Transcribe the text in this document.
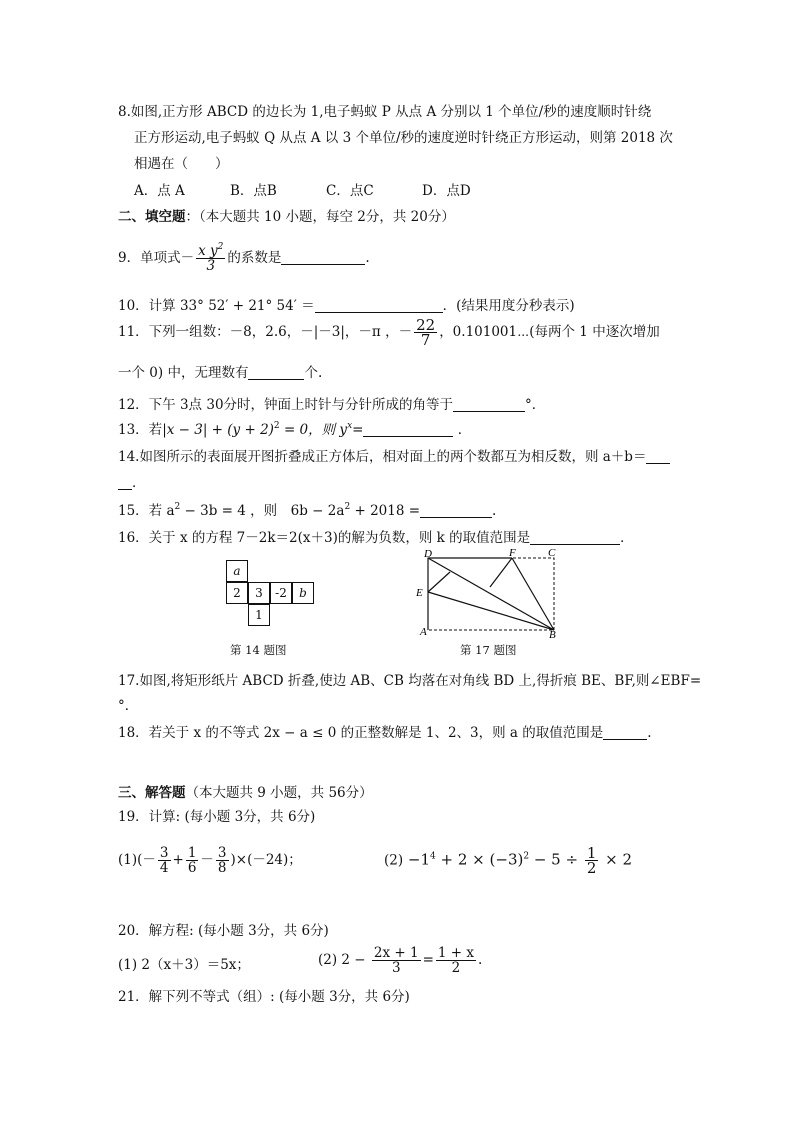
8.如图,正方形 ABCD 的边长为 1,电子蚂蚁 P 从点 A 分别以 1 个单位/秒的速度顺时针绕
正方形运动,电子蚂蚁 Q 从点 A 以 3 个单位/秒的速度逆时针绕正方形运动，则第 2018 次
相遇在（　　）
A．点 A	B．点B	C．点C	D．点D
二、填空题：（本大题共 10 小题，每空 2分，共 20分）
9．单项式－ $\frac{x y^2}{3}$ 的系数是	.
10．计算 33° 52′ + 21° 54′ ＝	．(结果用度分秒表示)
11．下列一组数：－8，2.6，－|－3|，－π ，－ $\frac{22}{7}$ ，0.101001⋯(每两个 1 中逐次增加
一个 0) 中，无理数有	个.
12．下午 3点 30分时，钟面上时针与分针所成的角等于	°．
13．若$|x - 3| + (y + 2)^2 = 0$，则 $y^x=$	．
14.如图所示的表面展开图折叠成正方体后，相对面上的两个数都互为相反数，则 a＋b＝
．
15．若 $a^2 - 3b = 4$ ，则　$6b - 2a^2 + 2018$ =	.
16．关于 x 的方程 7－2k＝2(x＋3)的解为负数，则 k 的取值范围是	．
a
2	3	-2	b
1
第 14 题图
D	F	C
E
A	B
第 17 题图
17.如图,将矩形纸片 ABCD 折叠,使边 AB、CB 均落在对角线 BD 上,得折痕 BE、BF,则∠EBF=
°．
18．若关于 x 的不等式 2x − a ≤ 0 的正整数解是 1、2、3，则 a 的取值范围是	.
三、解答题（本大题共 9 小题，共 56分）
19．计算: (每小题 3分，共 6分)
$(1)(- \frac{3}{4} + \frac{1}{6} - \frac{3}{8} )\times(-24)$；	$(2) -1^4 + 2 \times (-3)^2 - 5 \div \frac{1}{2} \times 2$
20．解方程: (每小题 3分，共 6分)
(1) 2（x＋3）＝5x；	(2) $2 - \frac{2x + 1}{3} = \frac{1 + x}{2}$ .
21．解下列不等式（组）: (每小题 3分，共 6分)
